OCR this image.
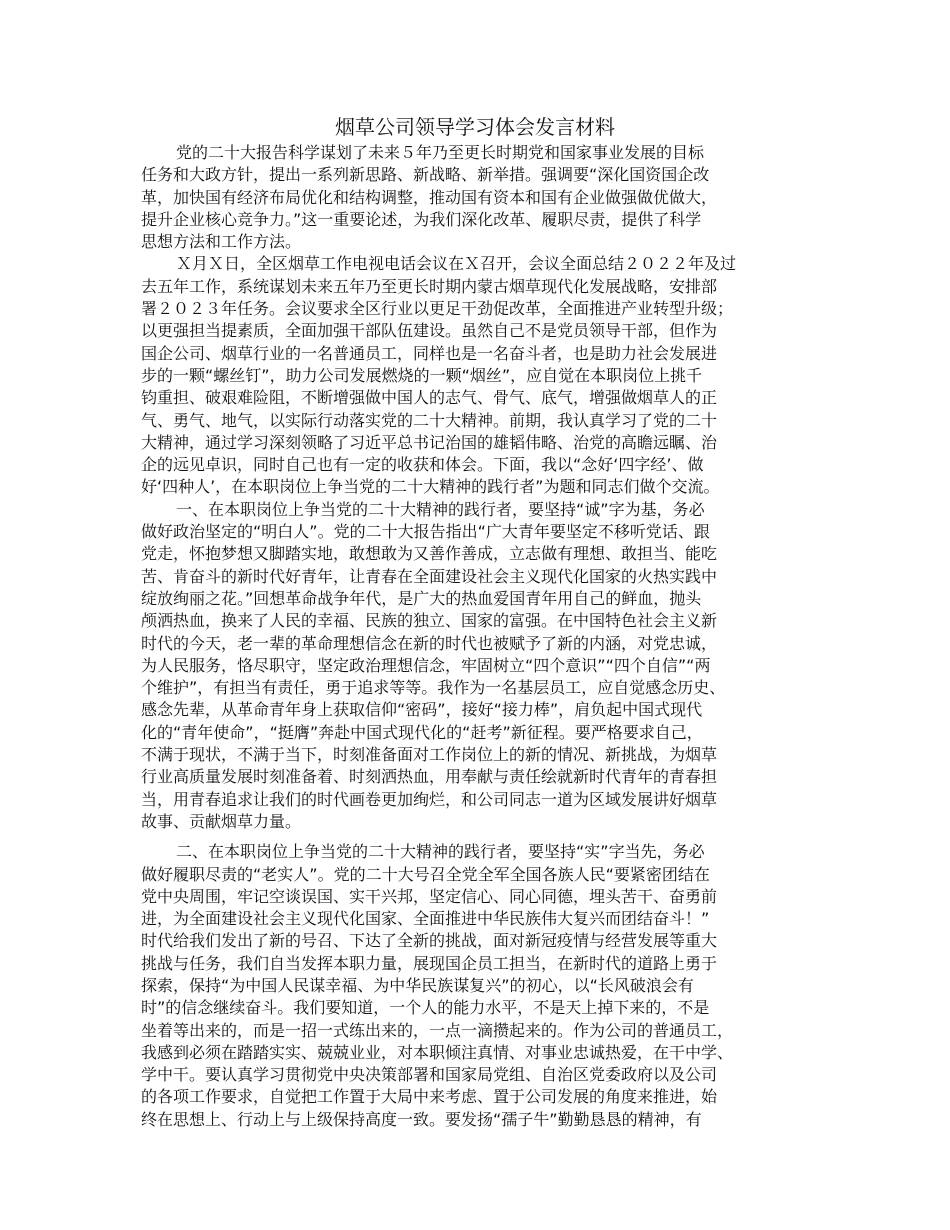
烟草公司领导学习体会发言材料
党的二十大报告科学谋划了未来５年乃至更长时期党和国家事业发展的目标
任务和大政方针，提出一系列新思路、新战略、新举措。强调要“深化国资国企改
革，加快国有经济布局优化和结构调整，推动国有资本和国有企业做强做优做大，
提升企业核心竞争力。”这一重要论述，为我们深化改革、履职尽责，提供了科学
思想方法和工作方法。
Ｘ月Ｘ日，全区烟草工作电视电话会议在Ｘ召开，会议全面总结２０２２年及过
去五年工作，系统谋划未来五年乃至更长时期内蒙古烟草现代化发展战略，安排部
署２０２３年任务。会议要求全区行业以更足干劲促改革，全面推进产业转型升级；
以更强担当提素质，全面加强干部队伍建设。虽然自己不是党员领导干部，但作为
国企公司、烟草行业的一名普通员工，同样也是一名奋斗者，也是助力社会发展进
步的一颗“螺丝钉”，助力公司发展燃烧的一颗“烟丝”，应自觉在本职岗位上挑千
钧重担、破艰难险阻，不断增强做中国人的志气、骨气、底气，增强做烟草人的正
气、勇气、地气，以实际行动落实党的二十大精神。前期，我认真学习了党的二十
大精神，通过学习深刻领略了习近平总书记治国的雄韬伟略、治党的高瞻远瞩、治
企的远见卓识，同时自己也有一定的收获和体会。下面，我以“念好‘四字经’、做
好‘四种人’，在本职岗位上争当党的二十大精神的践行者”为题和同志们做个交流。
一、在本职岗位上争当党的二十大精神的践行者，要坚持“诚”字为基，务必
做好政治坚定的“明白人”。党的二十大报告指出“广大青年要坚定不移听党话、跟
党走，怀抱梦想又脚踏实地，敢想敢为又善作善成，立志做有理想、敢担当、能吃
苦、肯奋斗的新时代好青年，让青春在全面建设社会主义现代化国家的火热实践中
绽放绚丽之花。”回想革命战争年代，是广大的热血爱国青年用自己的鲜血，抛头
颅洒热血，换来了人民的幸福、民族的独立、国家的富强。在中国特色社会主义新
时代的今天，老一辈的革命理想信念在新的时代也被赋予了新的内涵，对党忠诚，
为人民服务，恪尽职守，坚定政治理想信念，牢固树立“四个意识”“四个自信”“两
个维护”，有担当有责任，勇于追求等等。我作为一名基层员工，应自觉感念历史、
感念先辈，从革命青年身上获取信仰“密码”，接好“接力棒”，肩负起中国式现代
化的“青年使命”，“挺膺”奔赴中国式现代化的“赶考”新征程。要严格要求自己，
不满于现状，不满于当下，时刻准备面对工作岗位上的新的情况、新挑战，为烟草
行业高质量发展时刻准备着、时刻洒热血，用奉献与责任绘就新时代青年的青春担
当，用青春追求让我们的时代画卷更加绚烂，和公司同志一道为区域发展讲好烟草
故事、贡献烟草力量。
二、在本职岗位上争当党的二十大精神的践行者，要坚持“实”字当先，务必
做好履职尽责的“老实人”。党的二十大号召全党全军全国各族人民“要紧密团结在
党中央周围，牢记空谈误国、实干兴邦，坚定信心、同心同德，埋头苦干、奋勇前
进，为全面建设社会主义现代化国家、全面推进中华民族伟大复兴而团结奋斗！”
时代给我们发出了新的号召、下达了全新的挑战，面对新冠疫情与经营发展等重大
挑战与任务，我们自当发挥本职力量，展现国企员工担当，在新时代的道路上勇于
探索，保持“为中国人民谋幸福、为中华民族谋复兴”的初心，以“长风破浪会有
时”的信念继续奋斗。我们要知道，一个人的能力水平，不是天上掉下来的，不是
坐着等出来的，而是一招一式练出来的，一点一滴攒起来的。作为公司的普通员工，
我感到必须在踏踏实实、兢兢业业，对本职倾注真情、对事业忠诚热爱，在干中学、
学中干。要认真学习贯彻党中央决策部署和国家局党组、自治区党委政府以及公司
的各项工作要求，自觉把工作置于大局中来考虑、置于公司发展的角度来推进，始
终在思想上、行动上与上级保持高度一致。要发扬“孺子牛”勤勤恳恳的精神，有
